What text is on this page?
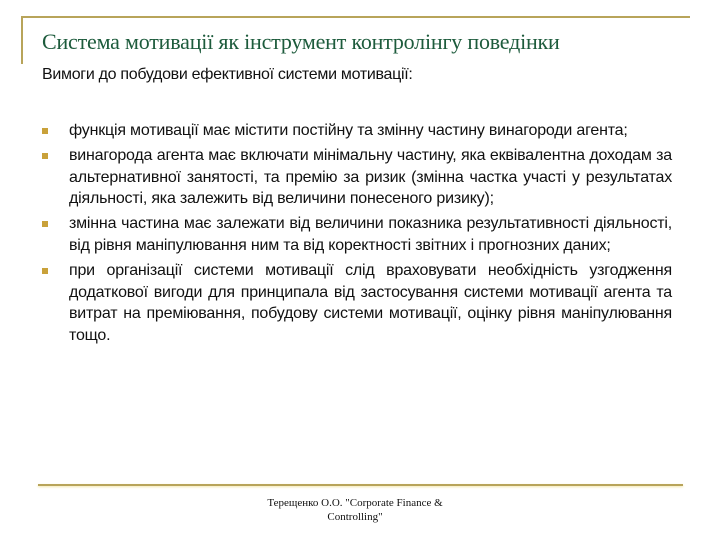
Система мотивації як інструмент контролінгу поведінки
Вимоги до побудови ефективної системи мотивації:
функція мотивації має містити постійну та змінну частину винагороди агента;
винагорода агента має включати мінімальну частину, яка еквівалентна доходам за альтернативної занятості, та премію за ризик (змінна частка участі у результатах діяльності, яка залежить від величини понесеного ризику);
змінна частина має залежати від величини показника результативності діяльності, від рівня маніпулювання ним та від коректності звітних і прогнозних даних;
при організації системи мотивації слід враховувати необхідність узгодження додаткової вигоди для принципала від застосування системи мотивації агента та витрат на преміювання, побудову системи мотивації, оцінку рівня маніпулювання тощо.
Терещенко О.О. "Corporate Finance & Controlling"
